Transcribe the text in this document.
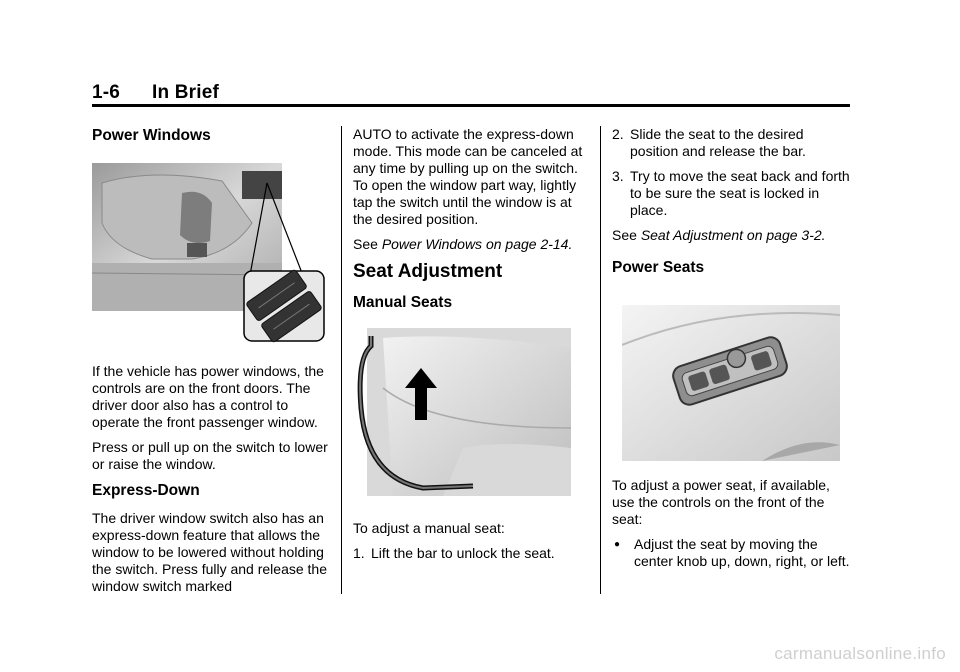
1-6 In Brief
Power Windows

If the vehicle has power windows, the controls are on the front doors. The driver door also has a control to operate the front passenger window.

Press or pull up on the switch to lower or raise the window.

Express-Down

The driver window switch also has an express-down feature that allows the window to be lowered without holding the switch. Press fully and release the window switch marked

AUTO to activate the express-down mode. This mode can be canceled at any time by pulling up on the switch. To open the window part way, lightly tap the switch until the window is at the desired position.

See Power Windows on page 2-14.

Seat Adjustment
Manual Seats

To adjust a manual seat:

1. Lift the bar to unlock the seat.
2. Slide the seat to the desired position and release the bar.
3. Try to move the seat back and forth to be sure the seat is locked in place.

See Seat Adjustment on page 3-2.

Power Seats

To adjust a power seat, if available, use the controls on the front of the seat:

● Adjust the seat by moving the center knob up, down, right, or left.
carmanualsonline.info
